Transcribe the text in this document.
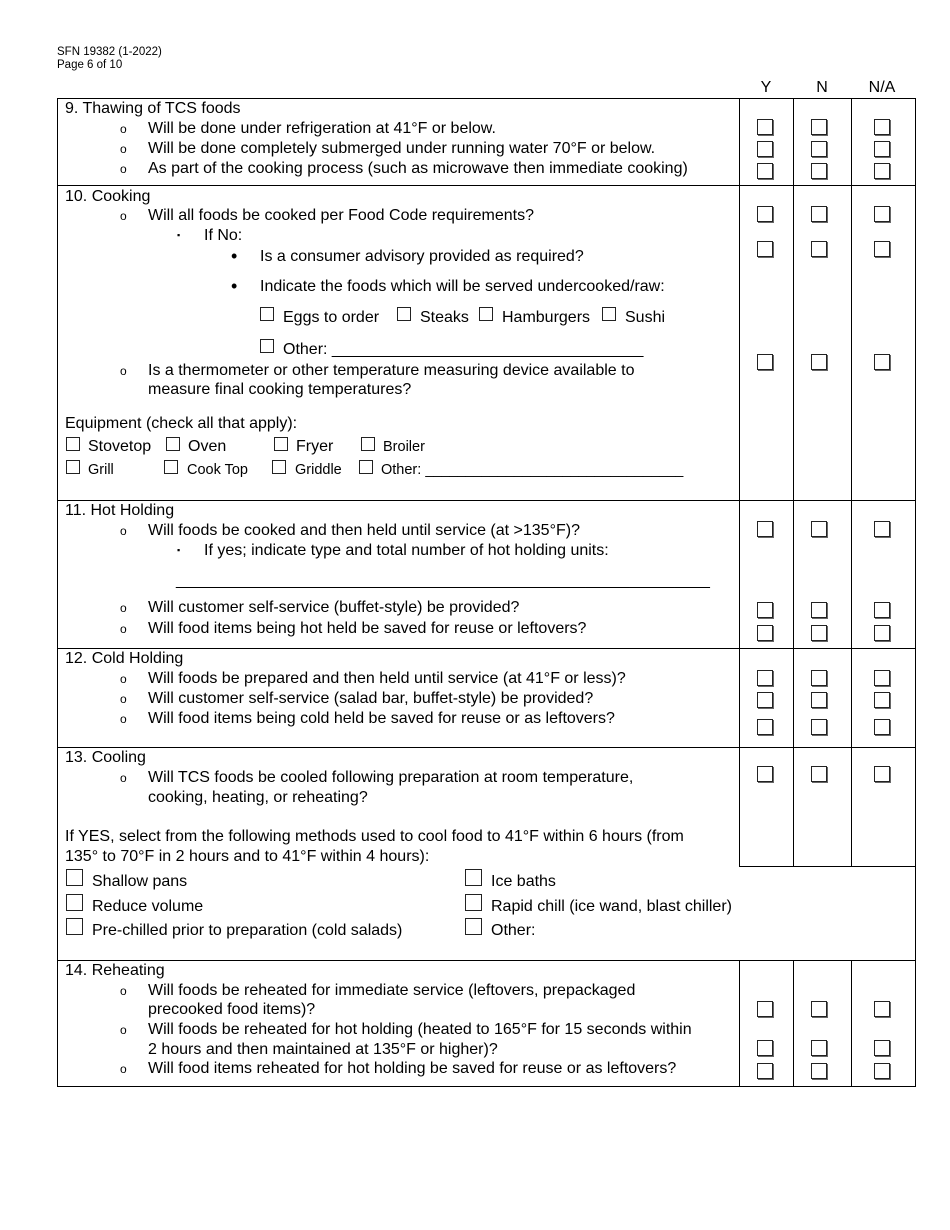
SFN 19382 (1-2022)
Page 6 of 10
Y	N	N/A
9. Thawing of TCS foods
o Will be done under refrigeration at 41°F or below.
o Will be done completely submerged under running water 70°F or below.
o As part of the cooking process (such as microwave then immediate cooking)
10. Cooking
o Will all foods be cooked per Food Code requirements?
▪ If No:
• Is a consumer advisory provided as required?
• Indicate the foods which will be served undercooked/raw:
Eggs to order	Steaks Hamburgers Sushi
Other: ___________________________________
o Is a thermometer or other temperature measuring device available to
measure final cooking temperatures?
Equipment (check all that apply):
Stovetop Oven	Fryer	Broiler
Grill	Cook Top	Griddle	Other: ________________________________
11. Hot Holding
o Will foods be cooked and then held until service (at >135°F)?
▪ If yes; indicate type and total number of hot holding units:
____________________________________________________________
o Will customer self-service (buffet-style) be provided?
o Will food items being hot held be saved for reuse or leftovers?
12. Cold Holding
o Will foods be prepared and then held until service (at 41°F or less)?
o Will customer self-service (salad bar, buffet-style) be provided?
o Will food items being cold held be saved for reuse or as leftovers?
13. Cooling
o Will TCS foods be cooled following preparation at room temperature,
cooking, heating, or reheating?
If YES, select from the following methods used to cool food to 41°F within 6 hours (from
135° to 70°F in 2 hours and to 41°F within 4 hours):
Shallow pans
Reduce volume
Pre-chilled prior to preparation (cold salads)
Ice baths
Rapid chill (ice wand, blast chiller)
Other:
14. Reheating
o Will foods be reheated for immediate service (leftovers, prepackaged
precooked food items)?
o Will foods be reheated for hot holding (heated to 165°F for 15 seconds within
2 hours and then maintained at 135°F or higher)?
o Will food items reheated for hot holding be saved for reuse or as leftovers?
